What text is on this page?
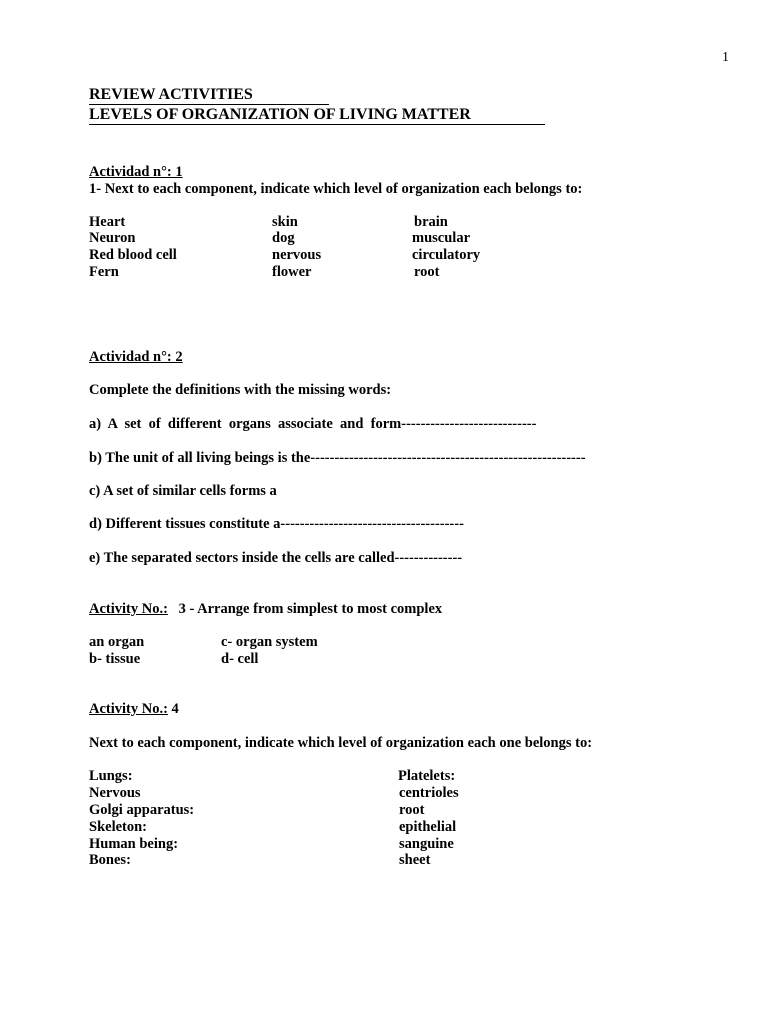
1
REVIEW ACTIVITIES
LEVELS OF ORGANIZATION OF LIVING MATTER
Actividad n°: 1
1- Next to each component, indicate which level of organization each belongs to:
Heart
Neuron
Red blood cell
Fern
skin
dog
nervous
flower
brain
muscular
circulatory
root
Actividad n°: 2
Complete the definitions with the missing words:
a)  A  set  of  different  organs  associate  and  form----------------------------
b) The unit of all living beings is the---------------------------------------------------------
c) A set of similar cells forms a
d) Different tissues constitute a--------------------------------------
e) The separated sectors inside the cells are called--------------
Activity No.: 3 - Arrange from simplest to most complex
an organ
b- tissue
c- organ system
d- cell
Activity No.: 4
Next to each component, indicate which level of organization each one belongs to:
Lungs:
Nervous
Golgi apparatus:
Skeleton:
Human being:
Bones:
Platelets:
centrioles
root
epithelial
sanguine
sheet
